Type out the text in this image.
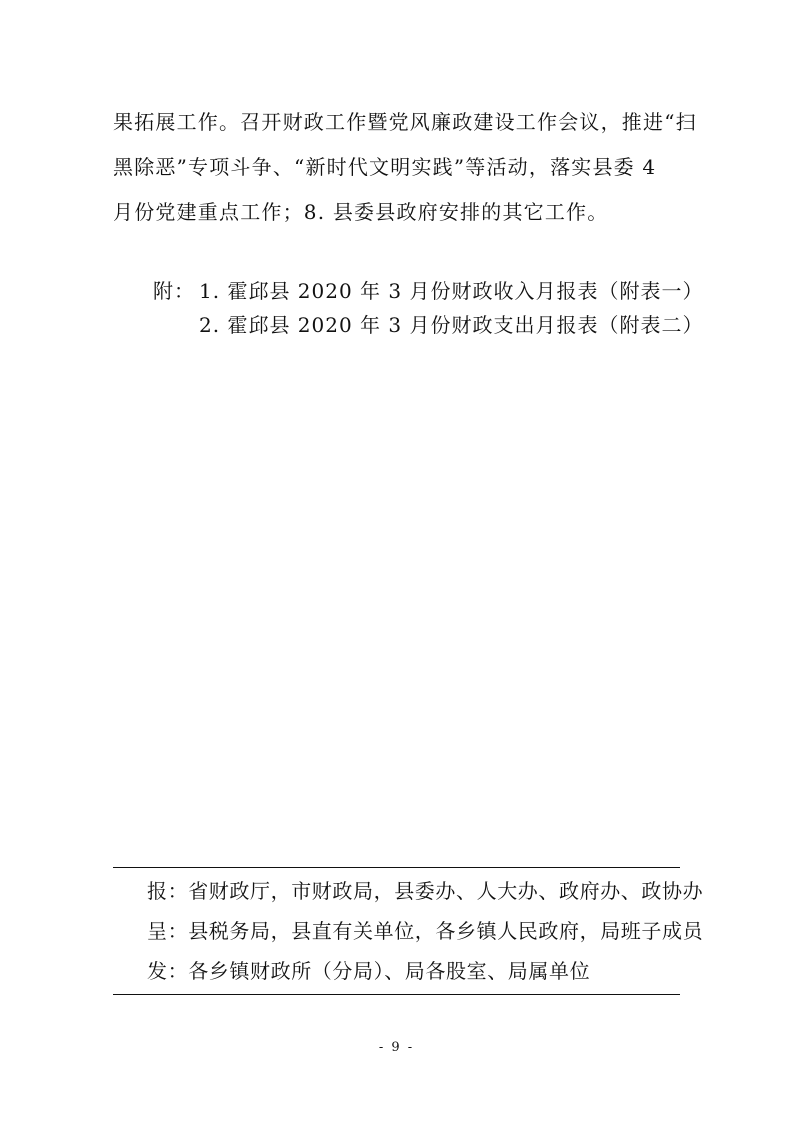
果拓展工作。召开财政工作暨党风廉政建设工作会议，推进“扫
黑除恶”专项斗争、“新时代文明实践”等活动，落实县委 4
月份党建重点工作；8. 县委县政府安排的其它工作。
附： 1. 霍邱县 2020 年 3 月份财政收入月报表（附表一）
2. 霍邱县 2020 年 3 月份财政支出月报表（附表二）
报：省财政厅，市财政局，县委办、人大办、政府办、政协办
呈：县税务局，县直有关单位，各乡镇人民政府，局班子成员
发：各乡镇财政所（分局）、局各股室、局属单位
- 9 -
